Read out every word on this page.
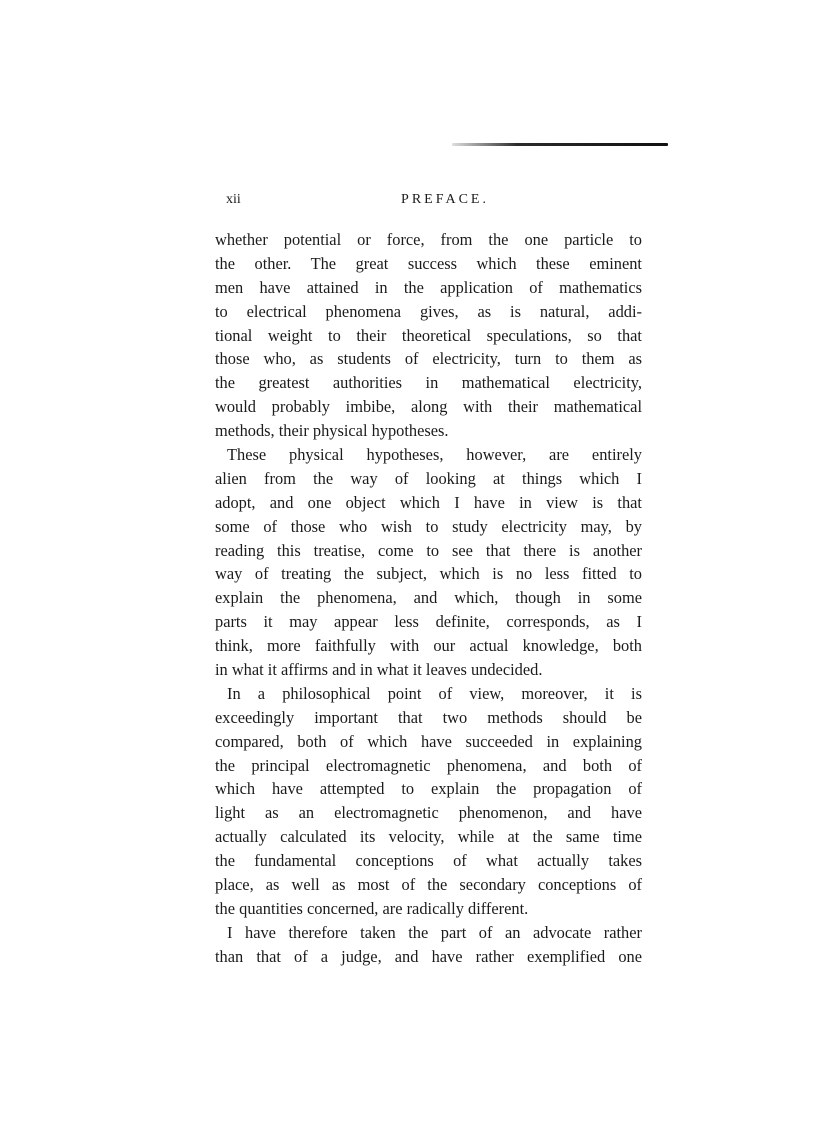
xii	PREFACE.
whether potential or force, from the one particle to
the other. The great success which these eminent
men have attained in the application of mathematics
to electrical phenomena gives, as is natural, addi-
tional weight to their theoretical speculations, so that
those who, as students of electricity, turn to them as
the greatest authorities in mathematical electricity,
would probably imbibe, along with their mathematical
methods, their physical hypotheses.
These physical hypotheses, however, are entirely
alien from the way of looking at things which I
adopt, and one object which I have in view is that
some of those who wish to study electricity may, by
reading this treatise, come to see that there is another
way of treating the subject, which is no less fitted to
explain the phenomena, and which, though in some
parts it may appear less definite, corresponds, as I
think, more faithfully with our actual knowledge, both
in what it affirms and in what it leaves undecided.
In a philosophical point of view, moreover, it is
exceedingly important that two methods should be
compared, both of which have succeeded in explaining
the principal electromagnetic phenomena, and both of
which have attempted to explain the propagation of
light as an electromagnetic phenomenon, and have
actually calculated its velocity, while at the same time
the fundamental conceptions of what actually takes
place, as well as most of the secondary conceptions of
the quantities concerned, are radically different.
I have therefore taken the part of an advocate rather
than that of a judge, and have rather exemplified one
